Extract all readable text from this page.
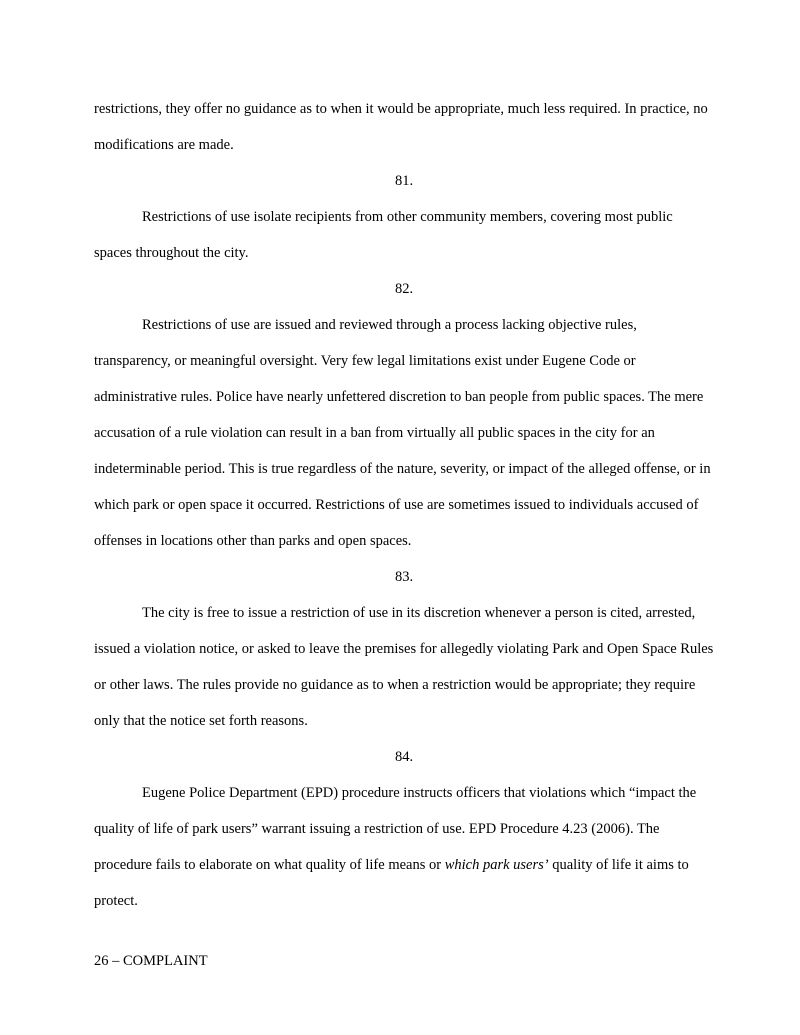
restrictions, they offer no guidance as to when it would be appropriate, much less required. In practice, no modifications are made.

81.

Restrictions of use isolate recipients from other community members, covering most public spaces throughout the city.

82.

Restrictions of use are issued and reviewed through a process lacking objective rules, transparency, or meaningful oversight. Very few legal limitations exist under Eugene Code or administrative rules. Police have nearly unfettered discretion to ban people from public spaces. The mere accusation of a rule violation can result in a ban from virtually all public spaces in the city for an indeterminable period. This is true regardless of the nature, severity, or impact of the alleged offense, or in which park or open space it occurred. Restrictions of use are sometimes issued to individuals accused of offenses in locations other than parks and open spaces.

83.

The city is free to issue a restriction of use in its discretion whenever a person is cited, arrested, issued a violation notice, or asked to leave the premises for allegedly violating Park and Open Space Rules or other laws. The rules provide no guidance as to when a restriction would be appropriate; they require only that the notice set forth reasons.

84.

Eugene Police Department (EPD) procedure instructs officers that violations which “impact the quality of life of park users” warrant issuing a restriction of use. EPD Procedure 4.23 (2006). The procedure fails to elaborate on what quality of life means or which park users’ quality of life it aims to protect.

26 – COMPLAINT
